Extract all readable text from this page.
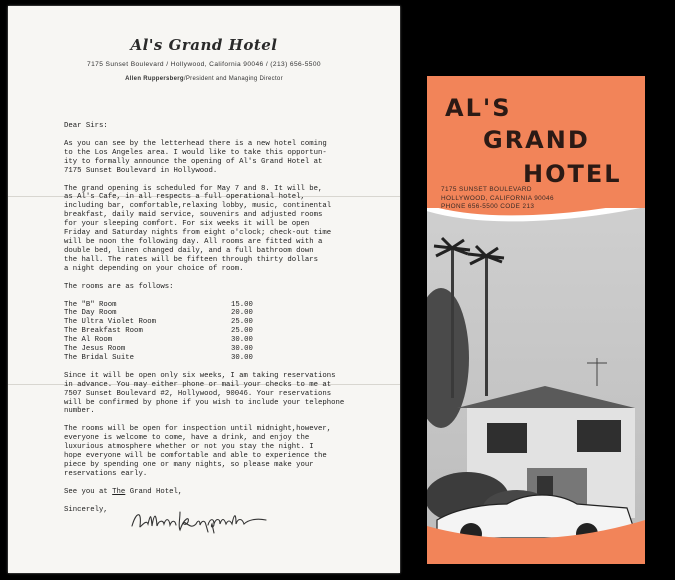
Al's Grand Hotel
7175 Sunset Boulevard / Hollywood, California 90046 / (213) 656-5500
Allen Ruppersberg/President and Managing Director

Dear Sirs:

As you can see by the letterhead there is a new hotel coming
to the Los Angeles area. I would like to take this opportun-
ity to formally announce the opening of Al's Grand Hotel at
7175 Sunset Boulevard in Hollywood.

The grand opening is scheduled for May 7 and 8. It will be,
as Al's Cafe, in all respects a full operational hotel,
including bar, comfortable,relaxing lobby, music, continental
breakfast, daily maid service, souvenirs and adjusted rooms
for your sleeping comfort. For six weeks it will be open
Friday and Saturday nights from eight o'clock; check-out time
will be noon the following day. All rooms are fitted with a
double bed, linen changed daily, and a full bathroom down
the hall. The rates will be fifteen through thirty dollars
a night depending on your choice of room.

The rooms are as follows:

The "B" Room	15.00
The Day Room	20.00
The Ultra Violet Room	25.00
The Breakfast Room	25.00
The Al Room	30.00
The Jesus Room	30.00
The Bridal Suite	30.00

Since it will be open only six weeks, I am taking reservations
in advance. You may either phone or mail your checks to me at
7507 Sunset Boulevard #2, Hollywood, 90046. Your reservations
will be confirmed by phone if you wish to include your telephone
number.

The rooms will be open for inspection until midnight,however,
everyone is welcome to come, have a drink, and enjoy the
luxurious atmosphere whether or not you stay the night. I
hope everyone will be comfortable and able to experience the
piece by spending one or many nights, so please make your
reservations early.

See you at The Grand Hotel,

Sincerely,

AL'S
GRAND
HOTEL
7175 SUNSET BOULEVARD
HOLLYWOOD, CALIFORNIA 90046
PHONE 656-5500 CODE 213
